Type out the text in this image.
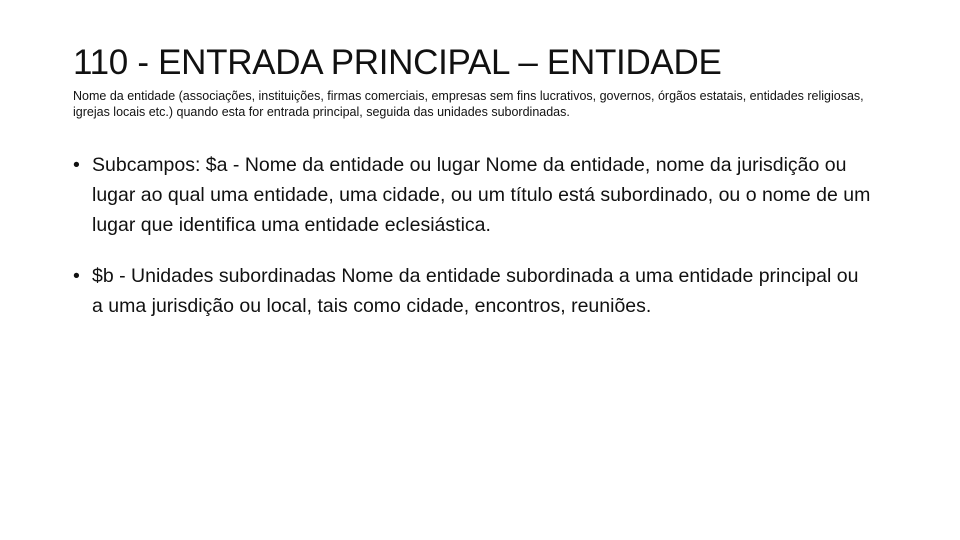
110 - ENTRADA PRINCIPAL – ENTIDADE
Nome da entidade (associações, instituições, firmas comerciais, empresas sem fins lucrativos, governos, órgãos estatais, entidades religiosas, igrejas locais etc.) quando esta for entrada principal, seguida das unidades subordinadas.
• Subcampos: $a - Nome da entidade ou lugar Nome da entidade, nome da jurisdição ou lugar ao qual uma entidade, uma cidade, ou um título está subordinado, ou o nome de um lugar que identifica uma entidade eclesiástica.
• $b - Unidades subordinadas Nome da entidade subordinada a uma entidade principal ou a uma jurisdição ou local, tais como cidade, encontros, reuniões.
